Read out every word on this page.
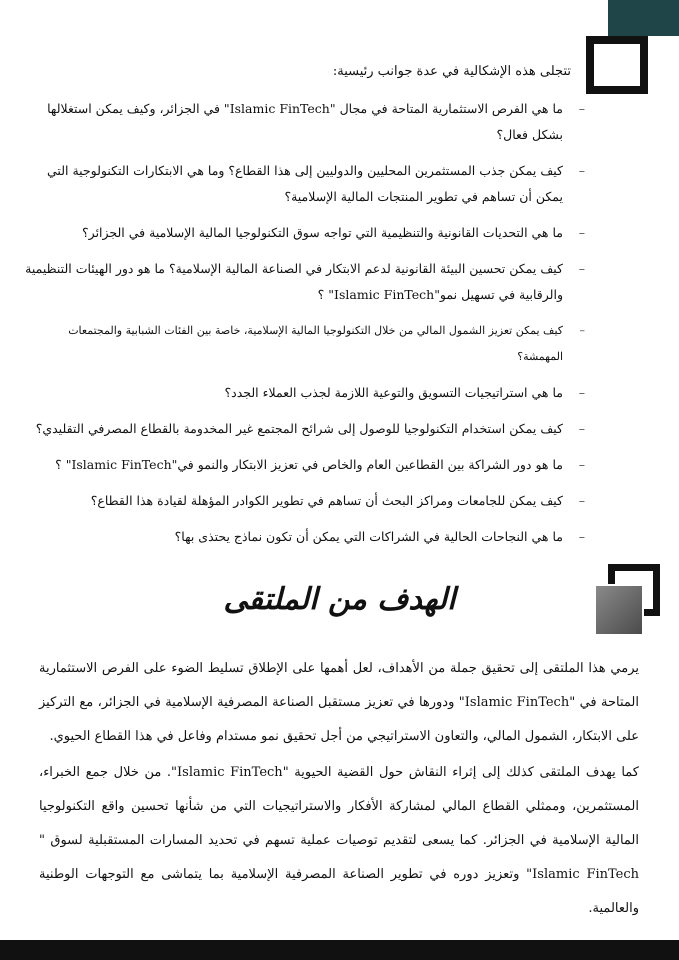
تتجلى هذه الإشكالية في عدة جوانب رئيسية:
–
ما هي الفرص الاستثمارية المتاحة في مجال "Islamic FinTech" في الجزائر، وكيف يمكن استغلالها بشكل فعال؟
–
كيف يمكن جذب المستثمرين المحليين والدوليين إلى هذا القطاع؟ وما هي الابتكارات التكنولوجية التي يمكن أن تساهم في تطوير المنتجات المالية الإسلامية؟
–
ما هي التحديات القانونية والتنظيمية التي تواجه سوق التكنولوجيا المالية الإسلامية في الجزائر؟
–
كيف يمكن تحسين البيئة القانونية لدعم الابتكار في الصناعة المالية الإسلامية؟ ما هو دور الهيئات التنظيمية والرقابية في تسهيل نمو"Islamic FinTech" ؟
–
كيف يمكن تعزيز الشمول المالي من خلال التكنولوجيا المالية الإسلامية، خاصة بين الفئات الشبابية والمجتمعات المهمشة؟
–
ما هي استراتيجيات التسويق والتوعية اللازمة لجذب العملاء الجدد؟
–
كيف يمكن استخدام التكنولوجيا للوصول إلى شرائح المجتمع غير المخدومة بالقطاع المصرفي التقليدي؟
–
ما هو دور الشراكة بين القطاعين العام والخاص في تعزيز الابتكار والنمو في"Islamic FinTech" ؟
–
كيف يمكن للجامعات ومراكز البحث أن تساهم في تطوير الكوادر المؤهلة لقيادة هذا القطاع؟
–
ما هي النجاحات الحالية في الشراكات التي يمكن أن تكون نماذج يحتذى بها؟
الهدف من الملتقى
يرمي هذا الملتقى إلى تحقيق جملة من الأهداف، لعل أهمها على الإطلاق تسليط الضوء على الفرص الاستثمارية المتاحة في "Islamic FinTech" ودورها في تعزيز مستقبل الصناعة المصرفية الإسلامية في الجزائر، مع التركيز على الابتكار، الشمول المالي، والتعاون الاستراتيجي من أجل تحقيق نمو مستدام وفاعل في هذا القطاع الحيوي.
كما يهدف الملتقى كذلك إلى إثراء النقاش حول القضية الحيوية "Islamic FinTech". من خلال جمع الخبراء، المستثمرين، وممثلي القطاع المالي لمشاركة الأفكار والاستراتيجيات التي من شأنها تحسين واقع التكنولوجيا المالية الإسلامية في الجزائر. كما يسعى لتقديم توصيات عملية تسهم في تحديد المسارات المستقبلية لسوق " Islamic FinTech" وتعزيز دوره في تطوير الصناعة المصرفية الإسلامية بما يتماشى مع التوجهات الوطنية والعالمية.
